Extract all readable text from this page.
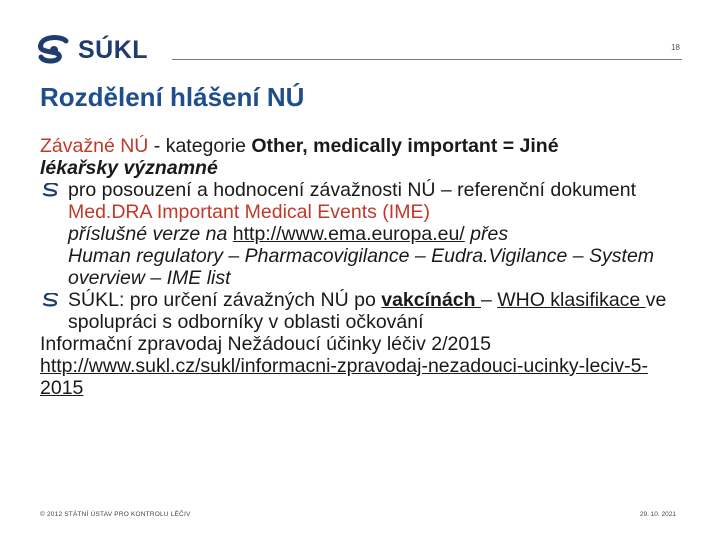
SÚKL	18
Rozdělení hlášení NÚ

Závažné NÚ - kategorie Other, medically important = Jiné
lékařsky významné

pro posouzení a hodnocení závažnosti NÚ – referenční dokument Med.DRA Important Medical Events (IME)
příslušné verze na http://www.ema.europa.eu/ přes
Human regulatory – Pharmacovigilance – Eudra.Vigilance – System overview – IME list

SÚKL: pro určení závažných NÚ po vakcínách – WHO klasifikace ve spolupráci s odborníky v oblasti očkování

Informační zpravodaj Nežádoucí účinky léčiv 2/2015
http://www.sukl.cz/sukl/informacni-zpravodaj-nezadouci-ucinky-leciv-5-2015

© 2012 STÁTNÍ ÚSTAV PRO KONTROLU LÉČIV	29. 10. 2021
